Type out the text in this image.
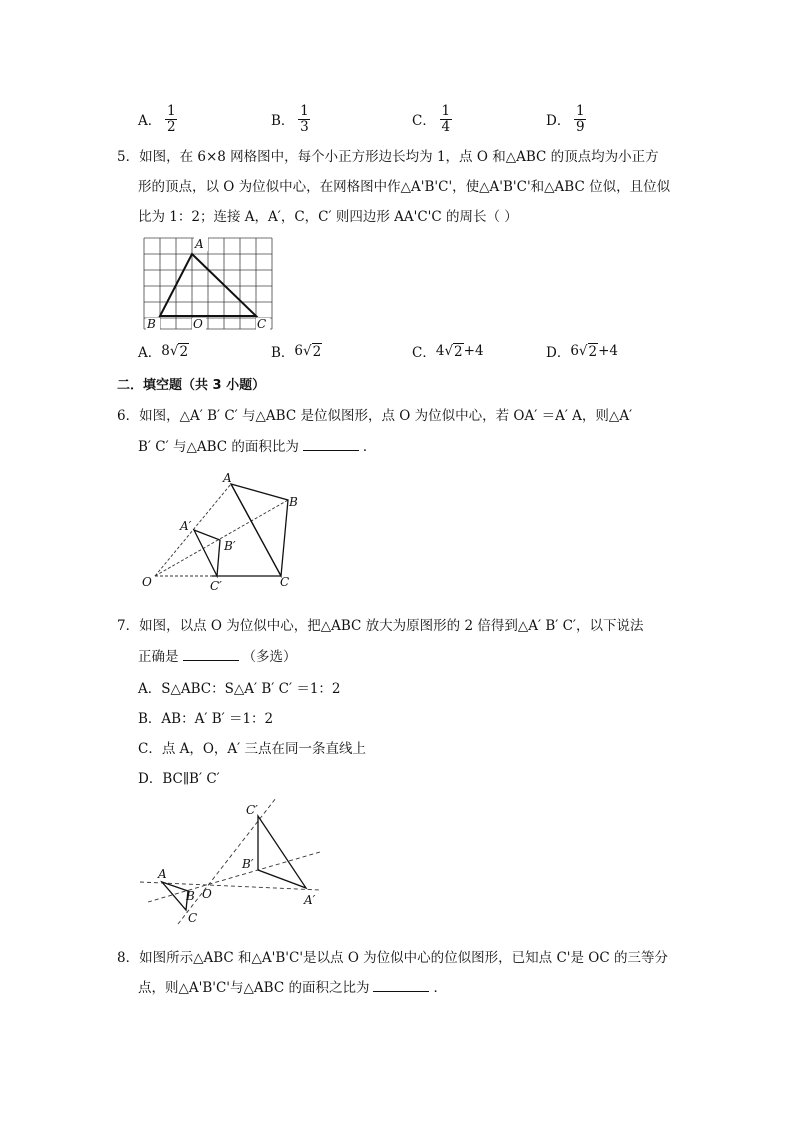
A． $\frac{1}{2}$	B． $\frac{1}{3}$	C． $\frac{1}{4}$	D． $\frac{1}{9}$
5．如图，在 6×8 网格图中，每个小正方形边长均为 1，点 O 和△ABC 的顶点均为小正方
形的顶点，以 O 为位似中心，在网格图中作△A'B'C'，使△A'B'C'和△ABC 位似，且位似
比为 1：2；连接 A，A′，C，C′ 则四边形 AA'C'C 的周长（ ）
A
B	O	C
A． 8 √ 2	B． 6 √ 2	C． 4 √ 2 +4	D． 6 √ 2 +4
二．填空题（共 3 小题）
6．如图，△A′ B′ C′ 与△ABC 是位似图形，点 O 为位似中心，若 OA′ ＝A′ A，则△A′
B′ C′ 与△ABC 的面积比为	．
A
B
C
A′
B′
C′
O
7．如图，以点 O 为位似中心，把△ABC 放大为原图形的 2 倍得到△A′ B′ C′，以下说法
正确是	（多选）
A．S△ABC：S△A′ B′ C′ ＝1：2
B．AB：A′ B′ ＝1：2
C．点 A，O，A′ 三点在同一条直线上
D．BC∥B′ C′
C′
B′
A
B O
C
A′
8．如图所示△ABC 和△A'B'C'是以点 O 为位似中心的位似图形，已知点 C'是 OC 的三等分
点，则△A'B'C'与△ABC 的面积之比为	．
